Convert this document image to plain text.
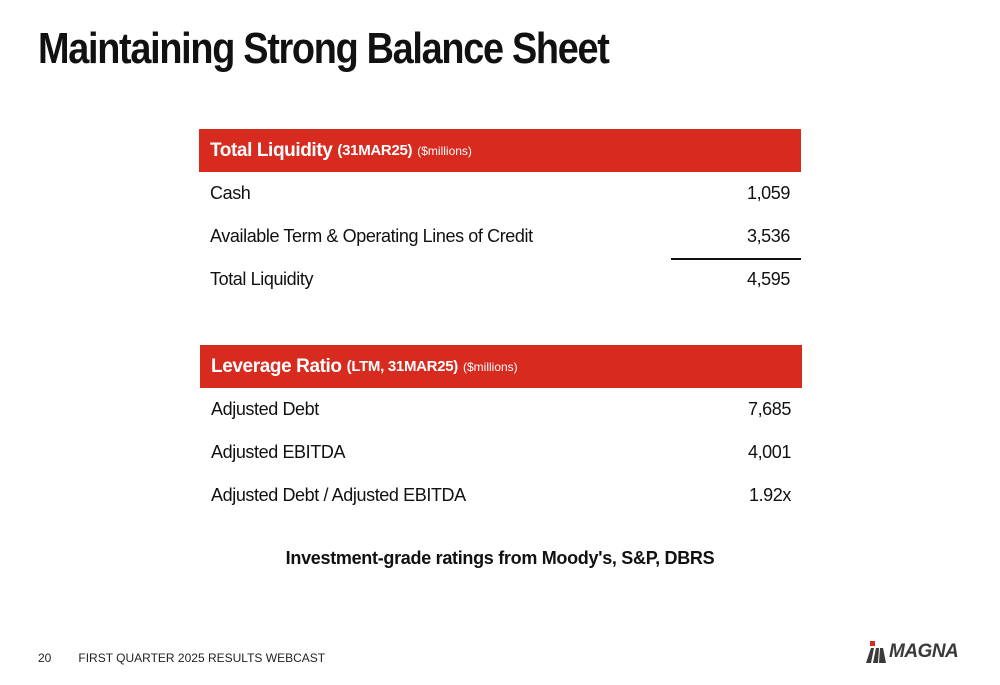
Maintaining Strong Balance Sheet
Total Liquidity (31MAR25) ($millions)
Cash	1,059
Available Term & Operating Lines of Credit	3,536
Total Liquidity	4,595
Leverage Ratio (LTM, 31MAR25) ($millions)
Adjusted Debt	7,685
Adjusted EBITDA	4,001
Adjusted Debt / Adjusted EBITDA	1.92x
Investment-grade ratings from Moody's, S&P, DBRS
20 FIRST QUARTER 2025 RESULTS WEBCAST	MAGNA
